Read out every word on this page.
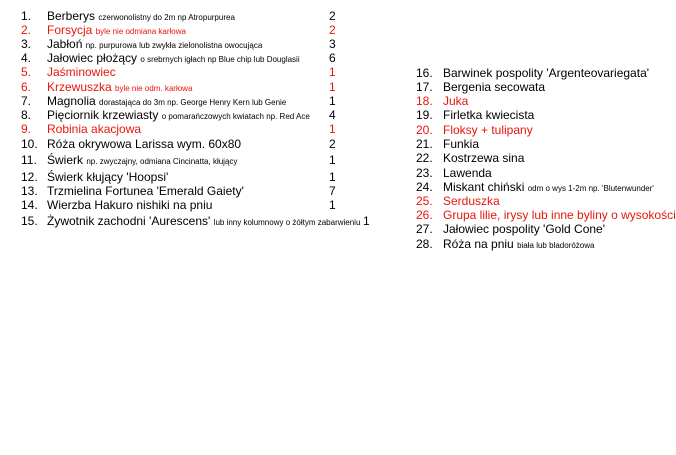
1. Berberys czerwonolistny do 2m np Atropurpurea	2
2. Forsycja byle nie odmiana karłowa	2
3. Jabłoń np. purpurowa lub zwykła zielonolistna owocująca	3
4. Jałowiec płożący o srebrnych igłach np Blue chip lub Douglasii 6
5. Jaśminowiec	1
6. Krzewuszka byle nie odm. karłowa	1
7. Magnolia dorastająca do 3m np. George Henry Kern lub Genie	1
8. Pięciornik krzewiasty o pomarańczowych kwiatach np. Red Ace 4
9. Robinia akacjowa	1
10. Róża okrywowa Larissa wym. 60x80	2
11. Świerk np. zwyczajny, odmiana Cincinatta, kłujący	1
12. Świerk kłujący 'Hoopsi'	1
13. Trzmielina Fortunea 'Emerald Gaiety'	7
14. Wierzba Hakuro nishiki na pniu	1
15. Żywotnik zachodni 'Aurescens' lub inny kolumnowy o żółtym zabarwieniu 1
16. Barwinek pospolity 'Argenteovariegata'
17. Bergenia secowata
18. Juka
19. Firletka kwiecista
20. Floksy + tulipany
21. Funkia
22. Kostrzewa sina
23. Lawenda
24. Miskant chiński odm o wys 1-2m np. 'Blutenwunder'
25. Serduszka
26. Grupa lilie, irysy lub inne byliny o wysokości
27. Jałowiec pospolity 'Gold Cone'
28. Róża na pniu biała lub bladoróżowa
